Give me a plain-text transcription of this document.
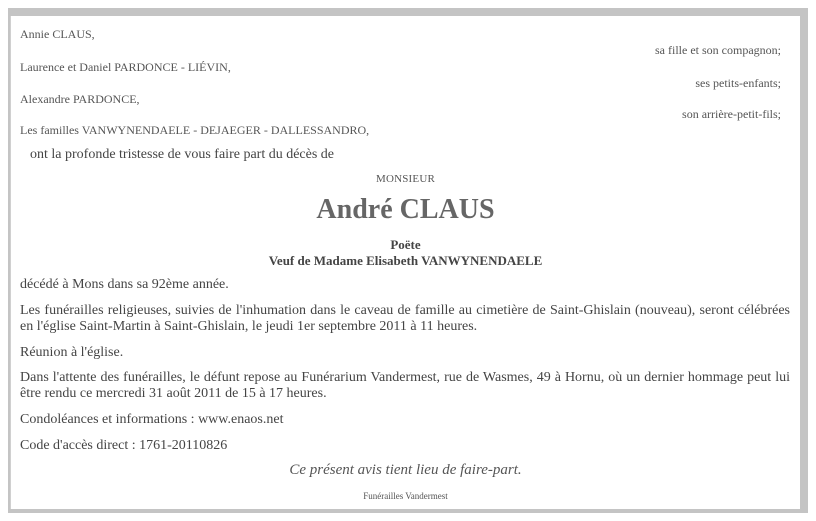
Annie CLAUS,
sa fille et son compagnon;
Laurence et Daniel PARDONCE - LIÉVIN,
ses petits-enfants;
Alexandre PARDONCE,
son arrière-petit-fils;
Les familles VANWYNENDAELE - DEJAEGER - DALLESSANDRO,
ont la profonde tristesse de vous faire part du décès de
MONSIEUR
André CLAUS
Poëte
Veuf de Madame Elisabeth VANWYNENDAELE
décédé à Mons dans sa 92ème année.
Les funérailles religieuses, suivies de l'inhumation dans le caveau de famille au cimetière de Saint-Ghislain (nouveau), seront célébrées en l'église Saint-Martin à Saint-Ghislain, le jeudi 1er septembre 2011 à 11 heures.
Réunion à l'église.
Dans l'attente des funérailles, le défunt repose au Funérarium Vandermest, rue de Wasmes, 49 à Hornu, où un dernier hommage peut lui être rendu ce mercredi 31 août 2011 de 15 à 17 heures.
Condoléances et informations : www.enaos.net
Code d'accès direct : 1761-20110826
Ce présent avis tient lieu de faire-part.
Funérailles Vandermest
